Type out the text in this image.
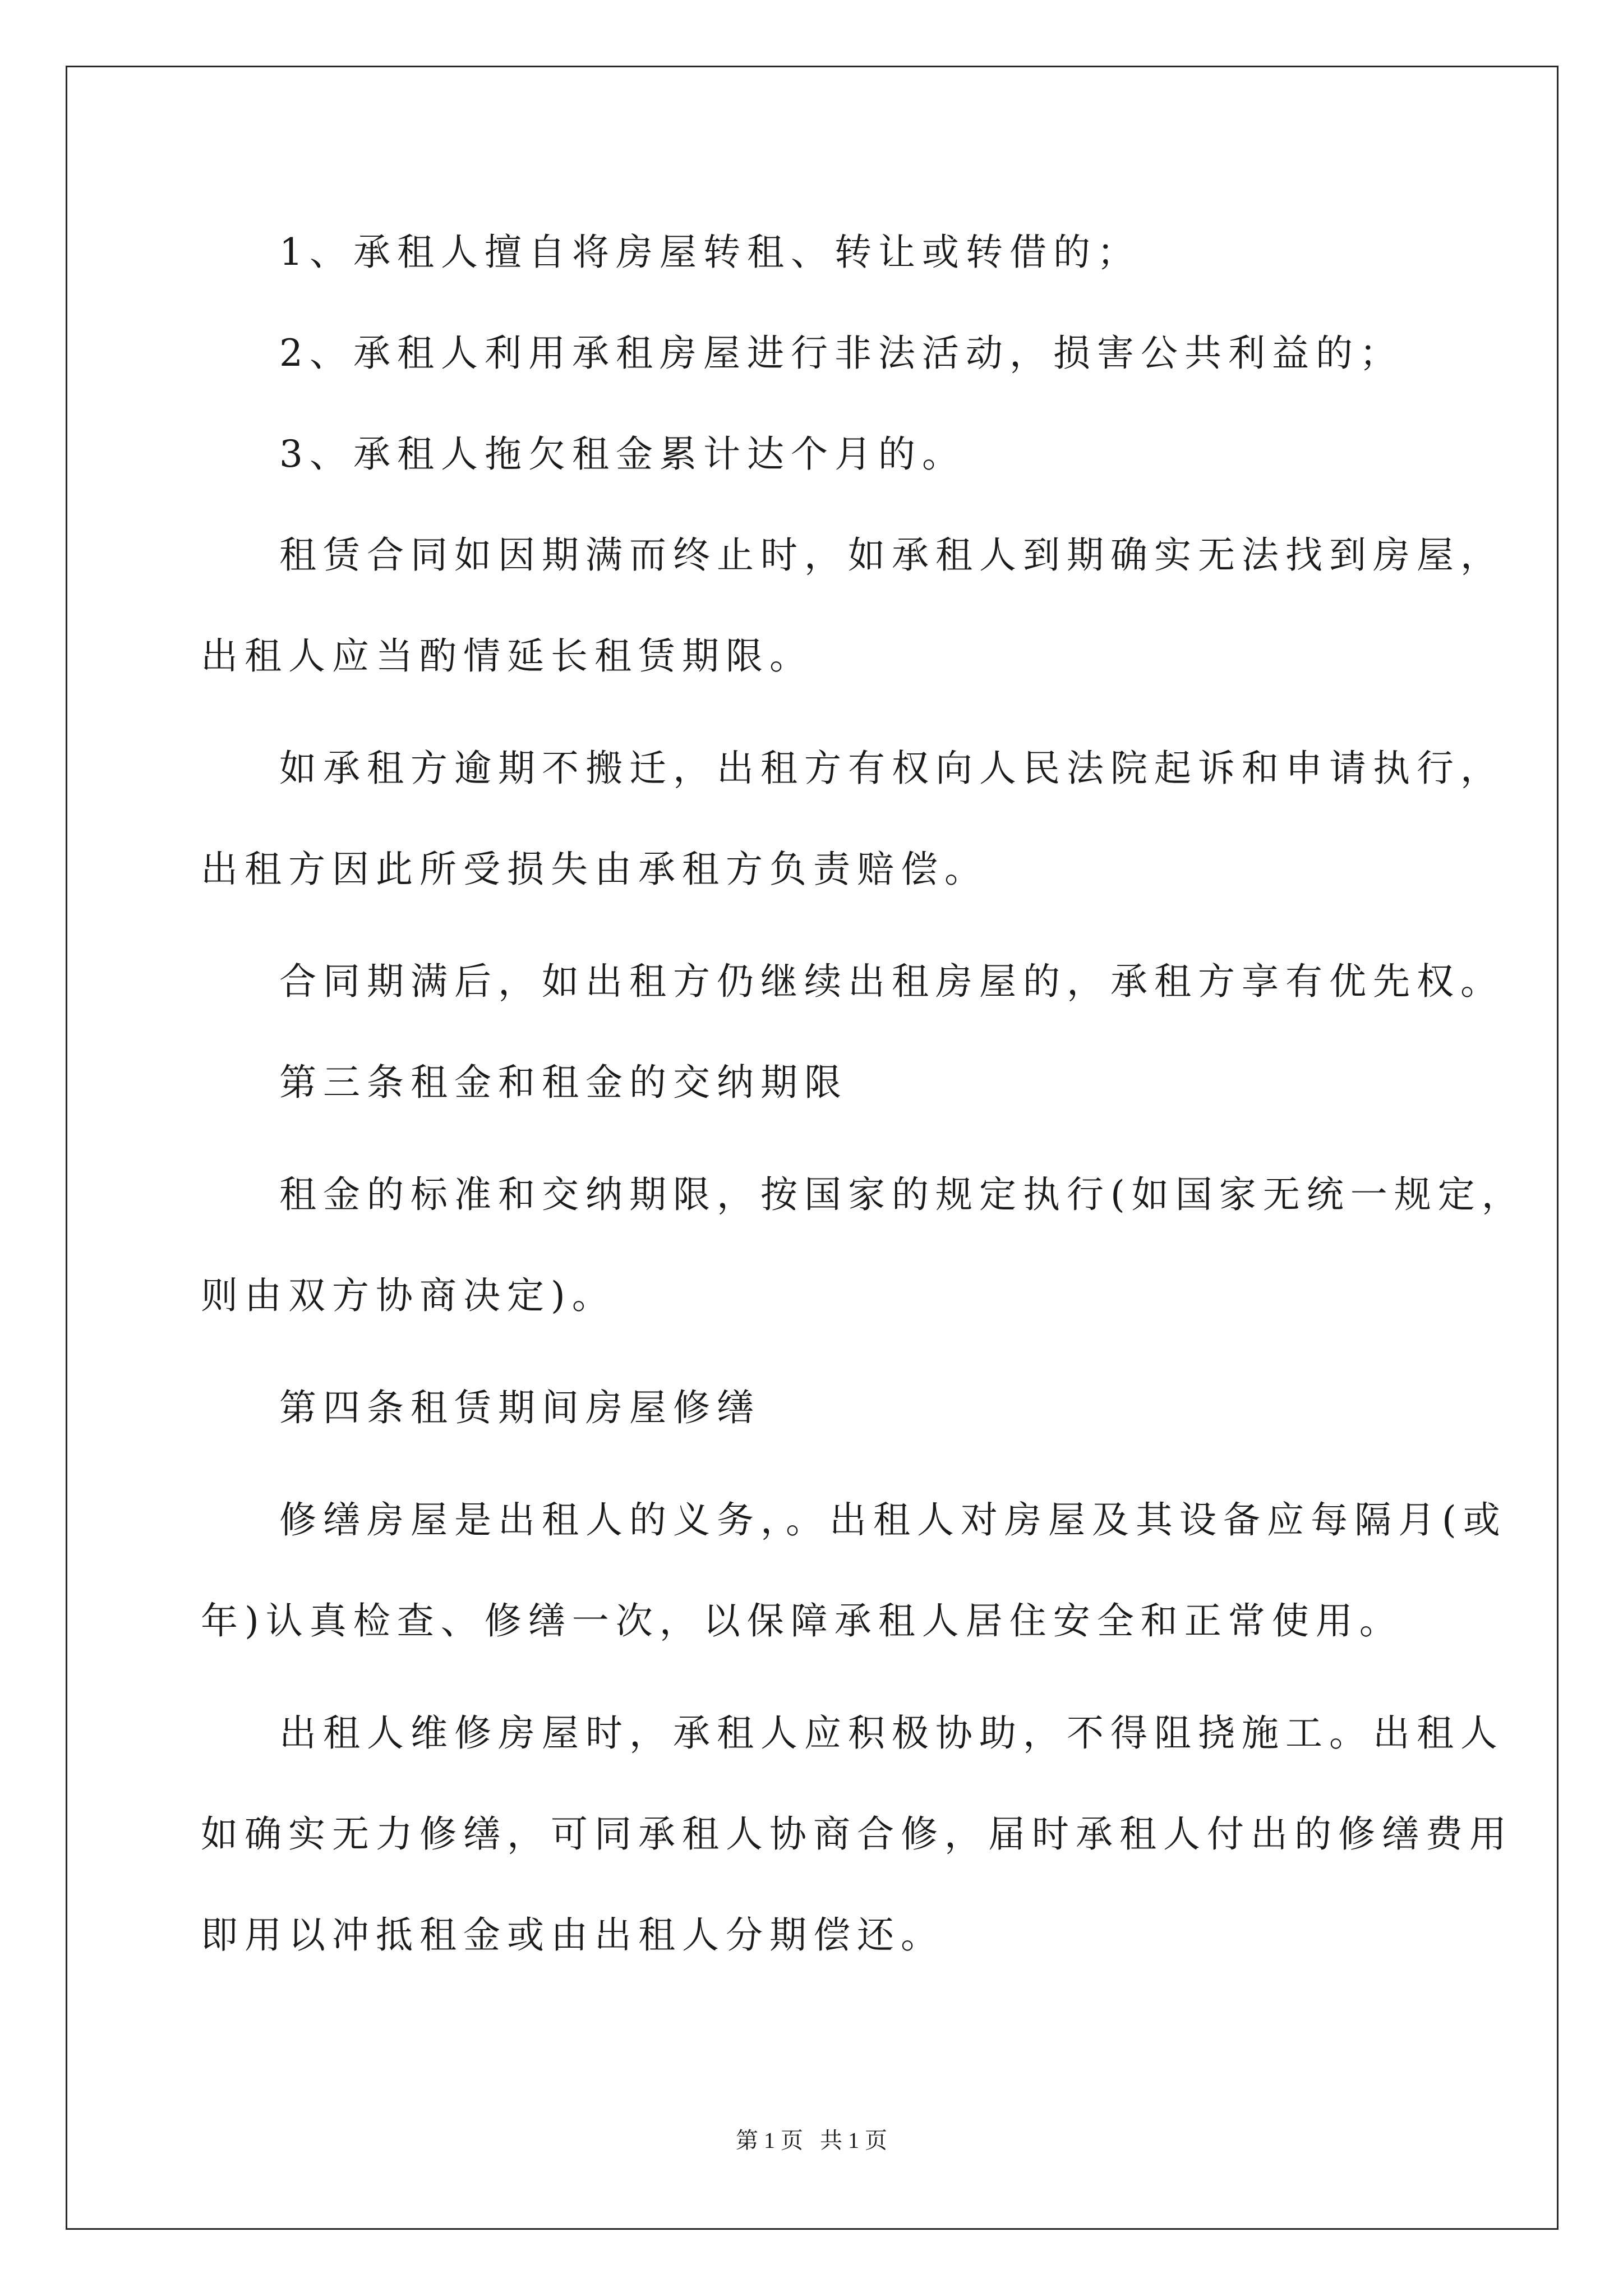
1、承租人擅自将房屋转租、转让或转借的；
2、承租人利用承租房屋进行非法活动，损害公共利益的；
3、承租人拖欠租金累计达个月的。
租赁合同如因期满而终止时，如承租人到期确实无法找到房屋，
出租人应当酌情延长租赁期限。
如承租方逾期不搬迁，出租方有权向人民法院起诉和申请执行，
出租方因此所受损失由承租方负责赔偿。
合同期满后，如出租方仍继续出租房屋的，承租方享有优先权。
第三条租金和租金的交纳期限
租金的标准和交纳期限，按国家的规定执行(如国家无统一规定，
则由双方协商决定)。
第四条租赁期间房屋修缮
修缮房屋是出租人的义务，。出租人对房屋及其设备应每隔月(或
年)认真检查、修缮一次，以保障承租人居住安全和正常使用。
出租人维修房屋时，承租人应积极协助，不得阻挠施工。出租人
如确实无力修缮，可同承租人协商合修，届时承租人付出的修缮费用
即用以冲抵租金或由出租人分期偿还。
第 1 页   共 1 页
